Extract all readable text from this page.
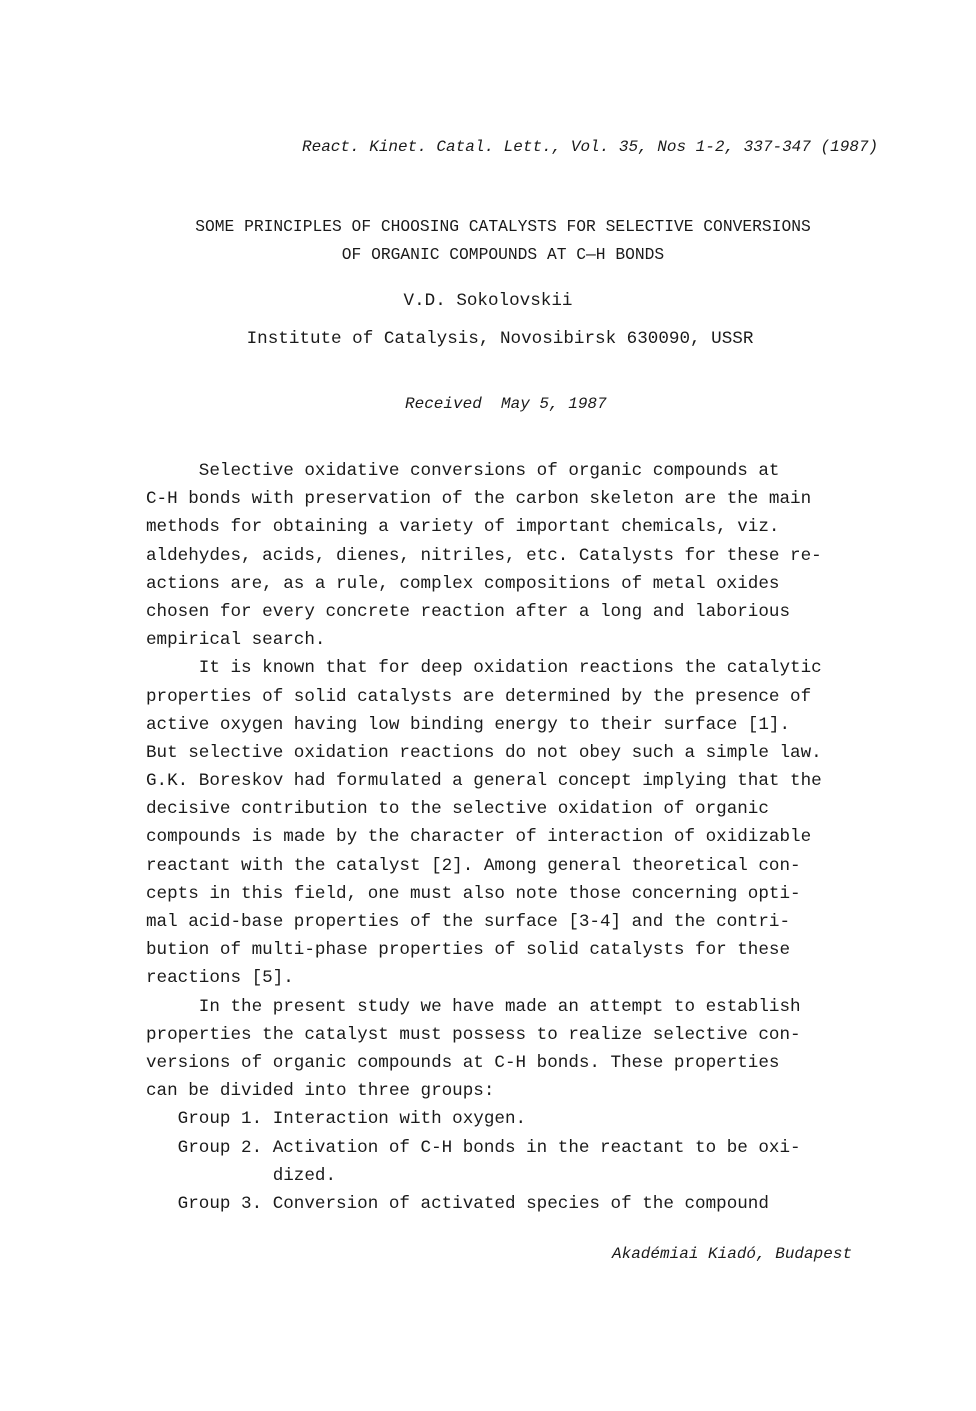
React. Kinet. Catal. Lett., Vol. 35, Nos 1-2, 337-347 (1987)
SOME PRINCIPLES OF CHOOSING CATALYSTS FOR SELECTIVE CONVERSIONS
OF ORGANIC COMPOUNDS AT C—H BONDS
V.D. Sokolovskii
Institute of Catalysis, Novosibirsk 630090, USSR
Received  May 5, 1987
Selective oxidative conversions of organic compounds at
C-H bonds with preservation of the carbon skeleton are the main
methods for obtaining a variety of important chemicals, viz.
aldehydes, acids, dienes, nitriles, etc. Catalysts for these re-
actions are, as a rule, complex compositions of metal oxides
chosen for every concrete reaction after a long and laborious
empirical search.
It is known that for deep oxidation reactions the catalytic
properties of solid catalysts are determined by the presence of
active oxygen having low binding energy to their surface [1].
But selective oxidation reactions do not obey such a simple law.
G.K. Boreskov had formulated a general concept implying that the
decisive contribution to the selective oxidation of organic
compounds is made by the character of interaction of oxidizable
reactant with the catalyst [2]. Among general theoretical con-
cepts in this field, one must also note those concerning opti-
mal acid-base properties of the surface [3-4] and the contri-
bution of multi-phase properties of solid catalysts for these
reactions [5].
In the present study we have made an attempt to establish
properties the catalyst must possess to realize selective con-
versions of organic compounds at C-H bonds. These properties
can be divided into three groups:
Group 1. Interaction with oxygen.
Group 2. Activation of C-H bonds in the reactant to be oxi-
dized.
Group 3. Conversion of activated species of the compound
Akadémiai Kiadó, Budapest
